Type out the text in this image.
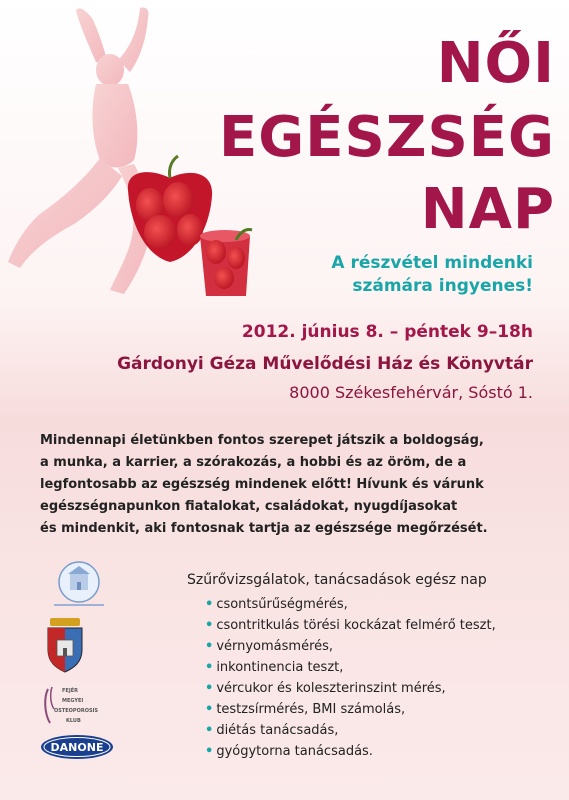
NŐI
EGÉSZSÉG
NAP
A részvétel mindenki
számára ingyenes!
2012. június 8. – péntek 9–18h
Gárdonyi Géza Művelődési Ház és Könyvtár
8000 Székesfehérvár, Sóstó 1.
Mindennapi életünkben fontos szerepet játszik a boldogság,
a munka, a karrier, a szórakozás, a hobbi és az öröm, de a
legfontosabb az egészség mindenek előtt! Hívunk és várunk
egészségnapunkon fiatalokat, családokat, nyugdíjasokat
és mindenkit, aki fontosnak tartja az egészsége megőrzését.
Szűrővizsgálatok, tanácsadások egész nap
• csontsűrűségmérés,
• csontritkulás törési kockázat felmérő teszt,
• vérnyomásmérés,
• inkontinencia teszt,
• vércukor és koleszterinszint mérés,
• testzsírmérés, BMI számolás,
• diétás tanácsadás,
• gyógytorna tanácsadás.
FEJÉR
MEGYEI
OSTEOPOROSIS
KLUB
DANONE
